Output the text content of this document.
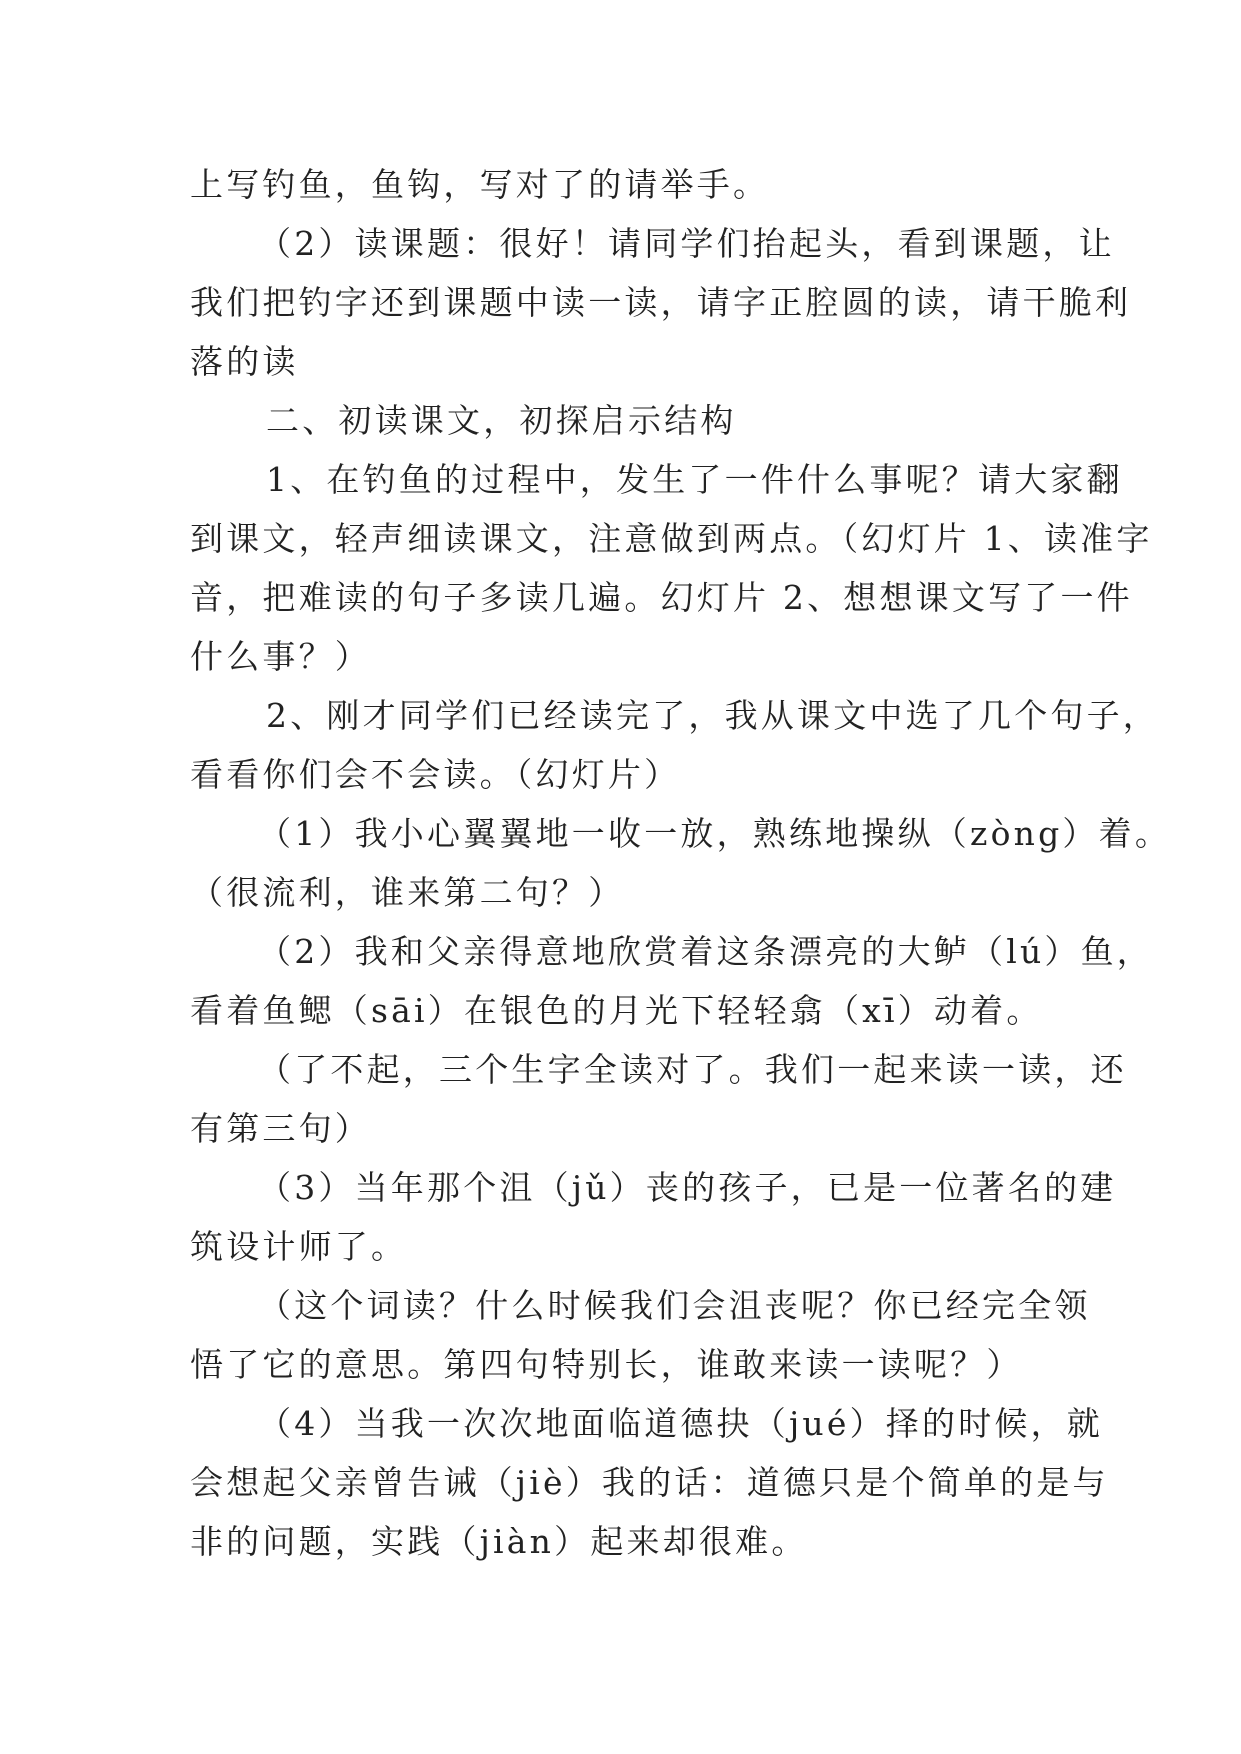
上写钓鱼，鱼钩，写对了的请举手。
（2）读课题：很好！请同学们抬起头，看到课题，让
我们把钓字还到课题中读一读，请字正腔圆的读，请干脆利
落的读
二、初读课文，初探启示结构
1、在钓鱼的过程中，发生了一件什么事呢？请大家翻
到课文，轻声细读课文，注意做到两点。（幻灯片 1、读准字
音，把难读的句子多读几遍。幻灯片 2、想想课文写了一件
什么事？）
2、刚才同学们已经读完了，我从课文中选了几个句子，
看看你们会不会读。（幻灯片）
（1）我小心翼翼地一收一放，熟练地操纵（zòng）着。
（很流利，谁来第二句？）
（2）我和父亲得意地欣赏着这条漂亮的大鲈（lú）鱼，
看着鱼鳃（sāi）在银色的月光下轻轻翕（xī）动着。
（了不起，三个生字全读对了。我们一起来读一读，还
有第三句）
（3）当年那个沮（jǔ）丧的孩子，已是一位著名的建
筑设计师了。
（这个词读？什么时候我们会沮丧呢？你已经完全领
悟了它的意思。第四句特别长，谁敢来读一读呢？）
（4）当我一次次地面临道德抉（jué）择的时候，就
会想起父亲曾告诫（jiè）我的话：道德只是个简单的是与
非的问题，实践（jiàn）起来却很难。
